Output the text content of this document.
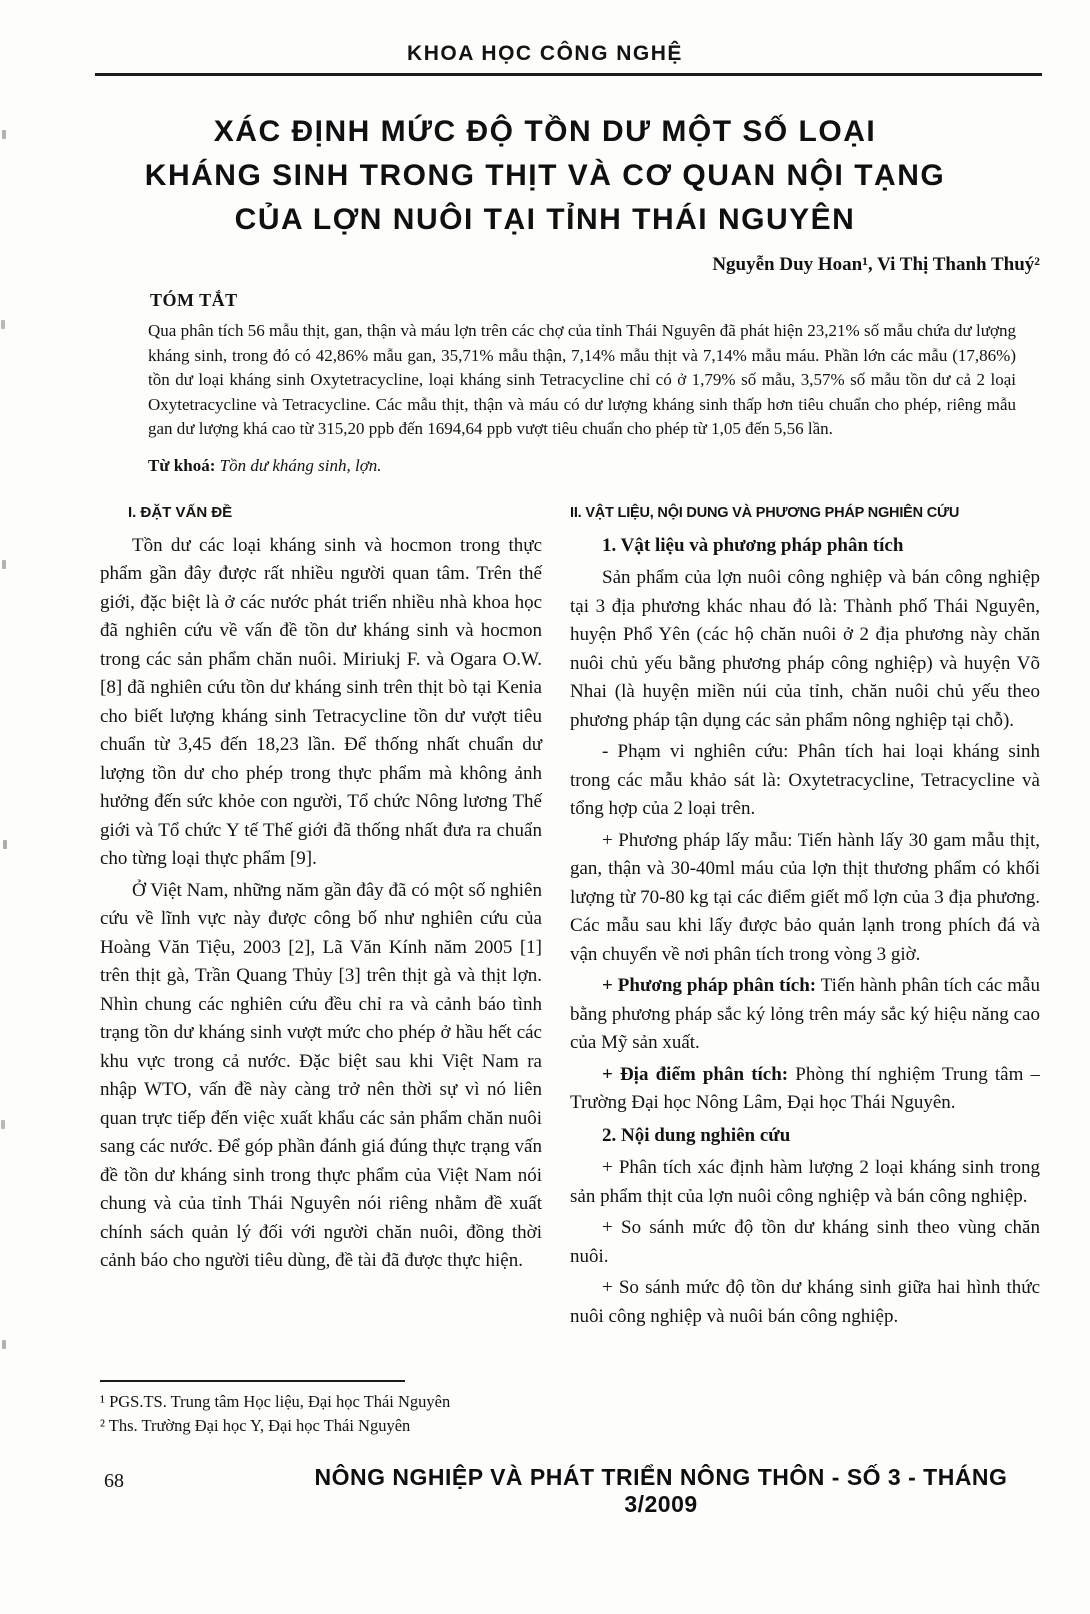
KHOA HỌC CÔNG NGHỆ
XÁC ĐỊNH MỨC ĐỘ TỒN DƯ MỘT SỐ LOẠI
KHÁNG SINH TRONG THỊT VÀ CƠ QUAN NỘI TẠNG
CỦA LỢN NUÔI TẠI TỈNH THÁI NGUYÊN
Nguyễn Duy Hoan¹, Vi Thị Thanh Thuý²
TÓM TẮT
Qua phân tích 56 mẫu thịt, gan, thận và máu lợn trên các chợ của tỉnh Thái Nguyên đã phát hiện 23,21% số mẫu chứa dư lượng kháng sinh, trong đó có 42,86% mẫu gan, 35,71% mẫu thận, 7,14% mẫu thịt và 7,14% mẫu máu. Phần lớn các mẫu (17,86%) tồn dư loại kháng sinh Oxytetracycline, loại kháng sinh Tetracycline chỉ có ở 1,79% số mẫu, 3,57% số mẫu tồn dư cả 2 loại Oxytetracycline và Tetracycline. Các mẫu thịt, thận và máu có dư lượng kháng sinh thấp hơn tiêu chuẩn cho phép, riêng mẫu gan dư lượng khá cao từ 315,20 ppb đến 1694,64 ppb vượt tiêu chuẩn cho phép từ 1,05 đến 5,56 lần.
Từ khoá: Tồn dư kháng sinh, lợn.
I. ĐẶT VẤN ĐỀ

Tồn dư các loại kháng sinh và hocmon trong thực phẩm gần đây được rất nhiều người quan tâm. Trên thế giới, đặc biệt là ở các nước phát triển nhiều nhà khoa học đã nghiên cứu về vấn đề tồn dư kháng sinh và hocmon trong các sản phẩm chăn nuôi. Miriukj F. và Ogara O.W. [8] đã nghiên cứu tồn dư kháng sinh trên thịt bò tại Kenia cho biết lượng kháng sinh Tetracycline tồn dư vượt tiêu chuẩn từ 3,45 đến 18,23 lần. Để thống nhất chuẩn dư lượng tồn dư cho phép trong thực phẩm mà không ảnh hưởng đến sức khỏe con người, Tổ chức Nông lương Thế giới và Tổ chức Y tế Thế giới đã thống nhất đưa ra chuẩn cho từng loại thực phẩm [9].

Ở Việt Nam, những năm gần đây đã có một số nghiên cứu về lĩnh vực này được công bố như nghiên cứu của Hoàng Văn Tiệu, 2003 [2], Lã Văn Kính năm 2005 [1] trên thịt gà, Trần Quang Thủy [3] trên thịt gà và thịt lợn. Nhìn chung các nghiên cứu đều chỉ ra và cảnh báo tình trạng tồn dư kháng sinh vượt mức cho phép ở hầu hết các khu vực trong cả nước. Đặc biệt sau khi Việt Nam ra nhập WTO, vấn đề này càng trở nên thời sự vì nó liên quan trực tiếp đến việc xuất khẩu các sản phẩm chăn nuôi sang các nước. Để góp phần đánh giá đúng thực trạng vấn đề tồn dư kháng sinh trong thực phẩm của Việt Nam nói chung và của tỉnh Thái Nguyên nói riêng nhằm đề xuất chính sách quản lý đối với người chăn nuôi, đồng thời cảnh báo cho người tiêu dùng, đề tài đã được thực hiện.

¹ PGS.TS. Trung tâm Học liệu, Đại học Thái Nguyên

² Ths. Trường Đại học Y, Đại học Thái Nguyên

II. VẬT LIỆU, NỘI DUNG VÀ PHƯƠNG PHÁP NGHIÊN CỨU
1. Vật liệu và phương pháp phân tích

Sản phẩm của lợn nuôi công nghiệp và bán công nghiệp tại 3 địa phương khác nhau đó là: Thành phố Thái Nguyên, huyện Phổ Yên (các hộ chăn nuôi ở 2 địa phương này chăn nuôi chủ yếu bằng phương pháp công nghiệp) và huyện Võ Nhai (là huyện miền núi của tỉnh, chăn nuôi chủ yếu theo phương pháp tận dụng các sản phẩm nông nghiệp tại chỗ).

- Phạm vi nghiên cứu: Phân tích hai loại kháng sinh trong các mẫu khảo sát là: Oxytetracycline, Tetracycline và tổng hợp của 2 loại trên.

+ Phương pháp lấy mẫu: Tiến hành lấy 30 gam mẫu thịt, gan, thận và 30-40ml máu của lợn thịt thương phẩm có khối lượng từ 70-80 kg tại các điểm giết mổ lợn của 3 địa phương. Các mẫu sau khi lấy được bảo quản lạnh trong phích đá và vận chuyển về nơi phân tích trong vòng 3 giờ.

+ Phương pháp phân tích: Tiến hành phân tích các mẫu bằng phương pháp sắc ký lỏng trên máy sắc ký hiệu năng cao của Mỹ sản xuất.

+ Địa điểm phân tích: Phòng thí nghiệm Trung tâm – Trường Đại học Nông Lâm, Đại học Thái Nguyên.

2. Nội dung nghiên cứu

+ Phân tích xác định hàm lượng 2 loại kháng sinh trong sản phẩm thịt của lợn nuôi công nghiệp và bán công nghiệp.

+ So sánh mức độ tồn dư kháng sinh theo vùng chăn nuôi.

+ So sánh mức độ tồn dư kháng sinh giữa hai hình thức nuôi công nghiệp và nuôi bán công nghiệp.

68	NÔNG NGHIỆP VÀ PHÁT TRIỂN NÔNG THÔN - SỐ 3 - THÁNG 3/2009
